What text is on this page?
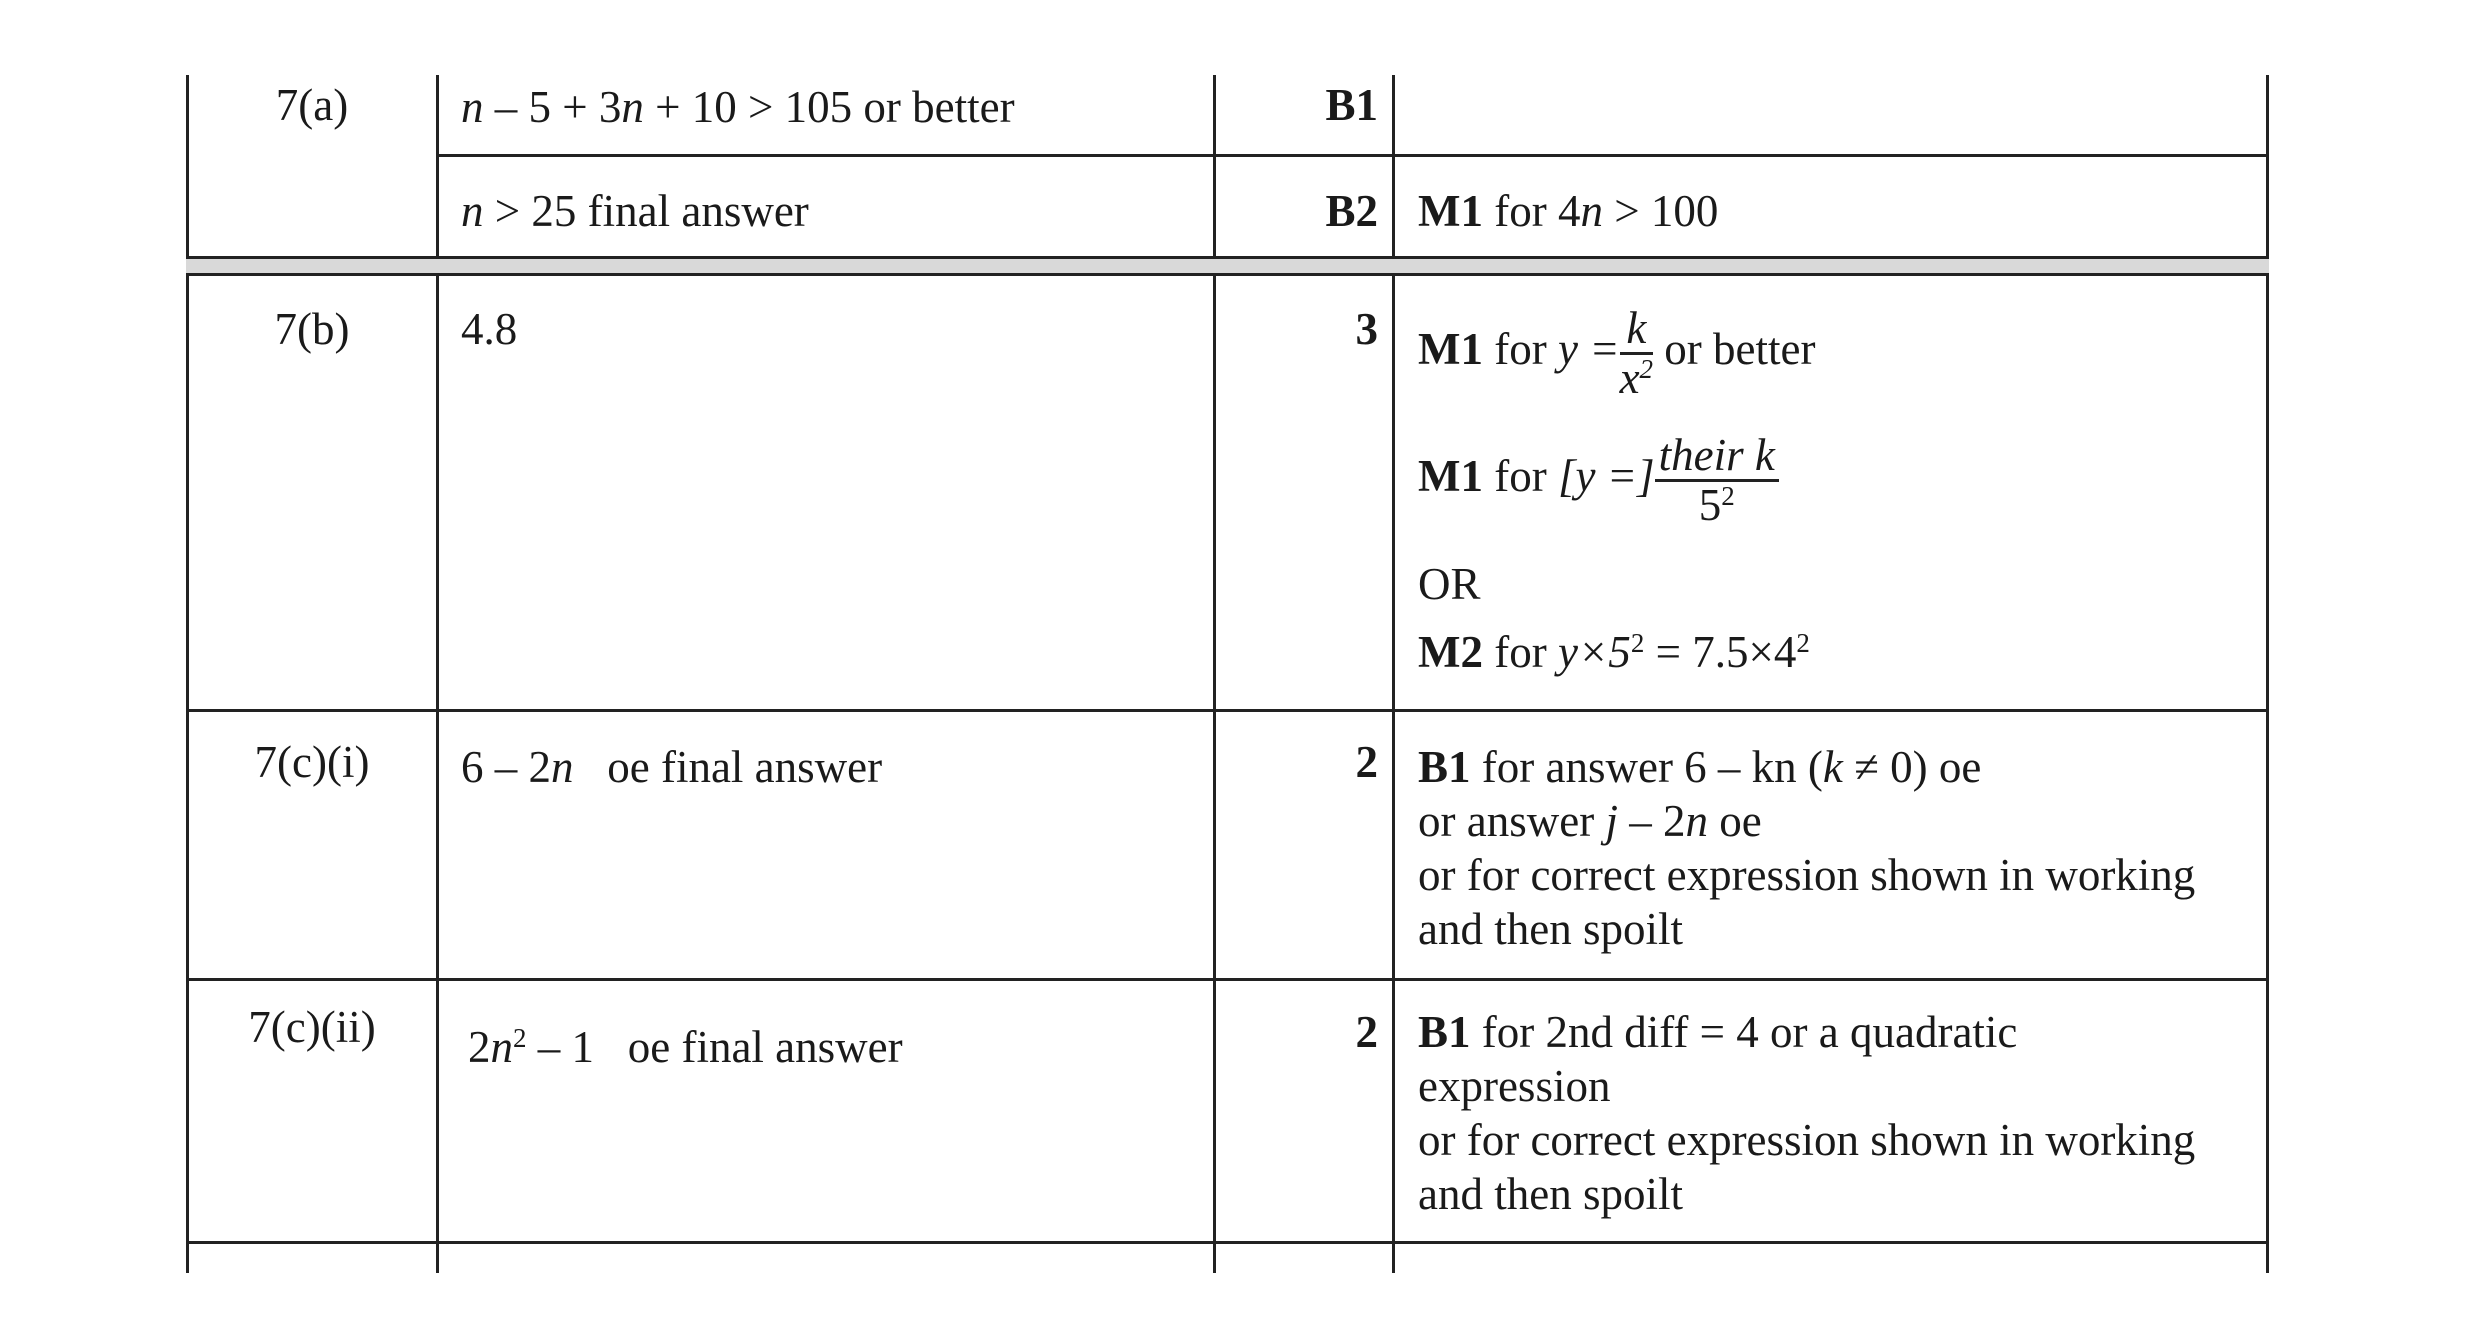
7(a)	n – 5 + 3n + 10 > 105 or better	B1
n > 25 final answer	B2 M1 for 4n > 100
7(b)	4.8	3 M1 for $y = \frac{k}{x^2}$ or better
M1 for [y =] $\frac{\text{their k}}{5^2}$
OR
M2 for $y\times 5^2 = 7.5\times 4^2$
7(c)(i)	6 – 2n oe final answer	2 B1 for answer 6 – kn (k ≠ 0) oe
or answer j – 2n oe
or for correct expression shown in working
and then spoilt
7(c)(ii)	$2n^2 - 1$ oe final answer	2 B1 for 2nd diff = 4 or a quadratic
expression
or for correct expression shown in working
and then spoilt
